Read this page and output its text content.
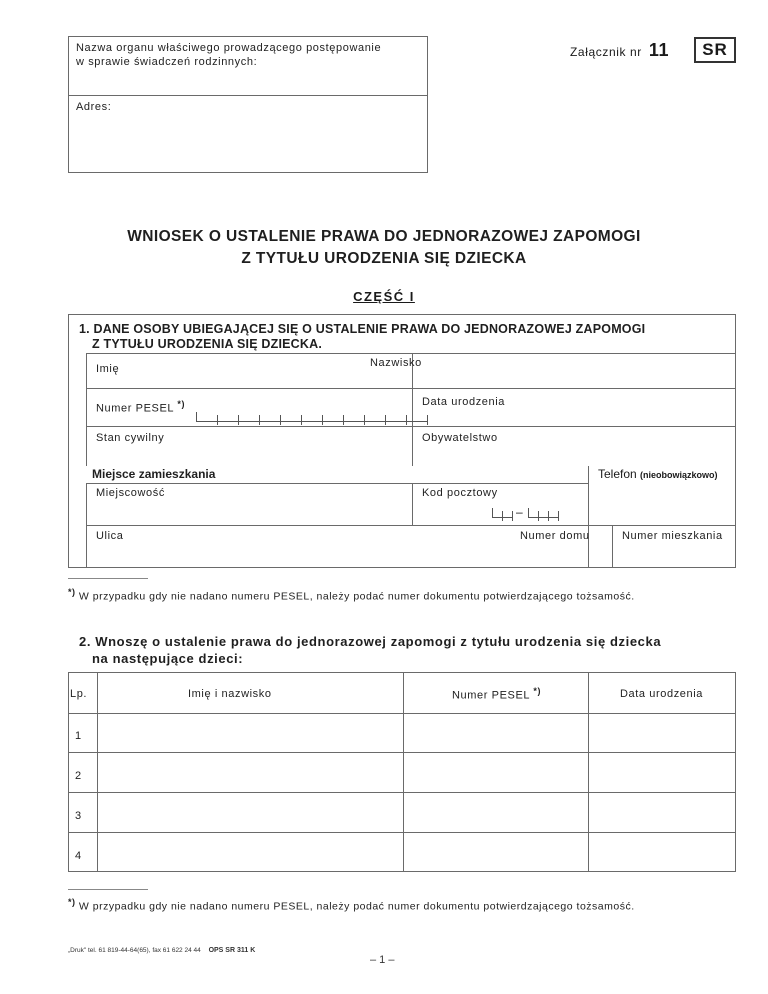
Nazwa organu właściwego prowadzącego postępowanie
w sprawie świadczeń rodzinnych:
Adres:
Załącznik nr 11	SR
WNIOSEK O USTALENIE PRAWA DO JEDNORAZOWEJ ZAPOMOGI
Z TYTUŁU URODZENIA SIĘ DZIECKA
CZĘŚĆ I
1. DANE OSOBY UBIEGAJĄCEJ SIĘ O USTALENIE PRAWA DO JEDNORAZOWEJ ZAPOMOGI
Z TYTUŁU URODZENIA SIĘ DZIECKA.
Imię	Nazwisko
Numer PESEL *)	Data urodzenia
Stan cywilny	Obywatelstwo
Miejsce zamieszkania	Telefon (nieobowiązkowo)
Miejscowość	Kod pocztowy
–
Ulica	Numer domu	Numer mieszkania
*) W przypadku gdy nie nadano numeru PESEL, należy podać numer dokumentu potwierdzającego tożsamość.
2. Wnoszę o ustalenie prawa do jednorazowej zapomogi z tytułu urodzenia się dziecka
na następujące dzieci:
Lp.	Imię i nazwisko	Numer PESEL *)	Data urodzenia
1
2
3
4
*) W przypadku gdy nie nadano numeru PESEL, należy podać numer dokumentu potwierdzającego tożsamość.
„Druk" tel. 61 819-44-64(65), fax 61 622 24 44 OPS SR 311 K
– 1 –
